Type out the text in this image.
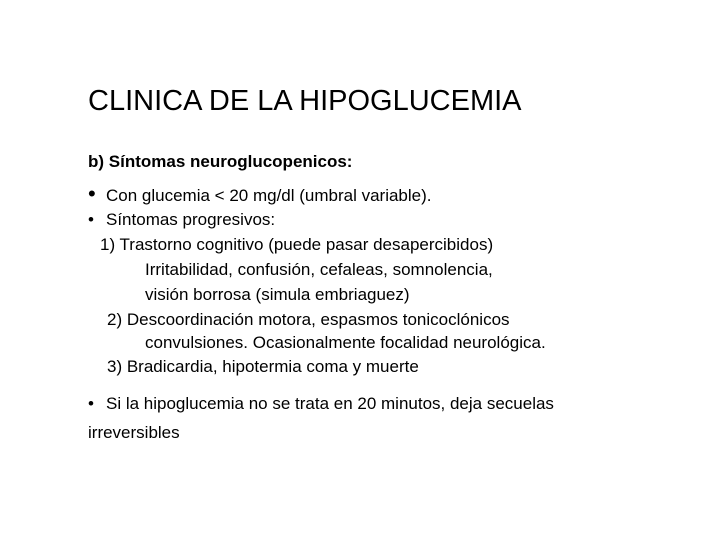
CLINICA DE LA HIPOGLUCEMIA
b) Síntomas neuroglucopenicos:
• Con glucemia < 20 mg/dl (umbral variable).
• Síntomas progresivos:
1) Trastorno cognitivo (puede pasar desapercibidos)
Irritabilidad, confusión, cefaleas, somnolencia,
visión borrosa (simula embriaguez)
2) Descoordinación motora, espasmos tonicoclónicos
convulsiones. Ocasionalmente focalidad neurológica.
3) Bradicardia, hipotermia coma y muerte
• Si la hipoglucemia no se trata en 20 minutos, deja secuelas
irreversibles
